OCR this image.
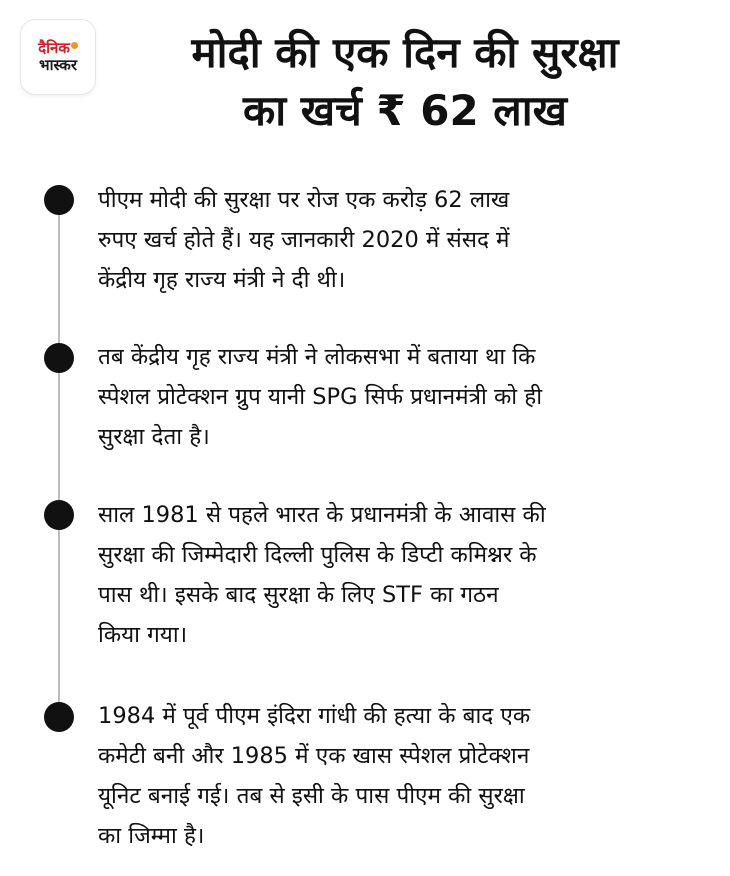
दैनिक
भास्कर	मोदी की एक दिन की सुरक्षा
का खर्च ₹ 62 लाख
पीएम मोदी की सुरक्षा पर रोज एक करोड़ 62 लाख
रुपए खर्च होते हैं। यह जानकारी 2020 में संसद में
केंद्रीय गृह राज्य मंत्री ने दी थी।
तब केंद्रीय गृह राज्य मंत्री ने लोकसभा में बताया था कि
स्पेशल प्रोटेक्शन ग्रुप यानी SPG सिर्फ प्रधानमंत्री को ही
सुरक्षा देता है।
साल 1981 से पहले भारत के प्रधानमंत्री के आवास की
सुरक्षा की जिम्मेदारी दिल्ली पुलिस के डिप्टी कमिश्नर के
पास थी। इसके बाद सुरक्षा के लिए STF का गठन
किया गया।
1984 में पूर्व पीएम इंदिरा गांधी की हत्या के बाद एक
कमेटी बनी और 1985 में एक खास स्पेशल प्रोटेक्शन
यूनिट बनाई गई। तब से इसी के पास पीएम की सुरक्षा
का जिम्मा है।
